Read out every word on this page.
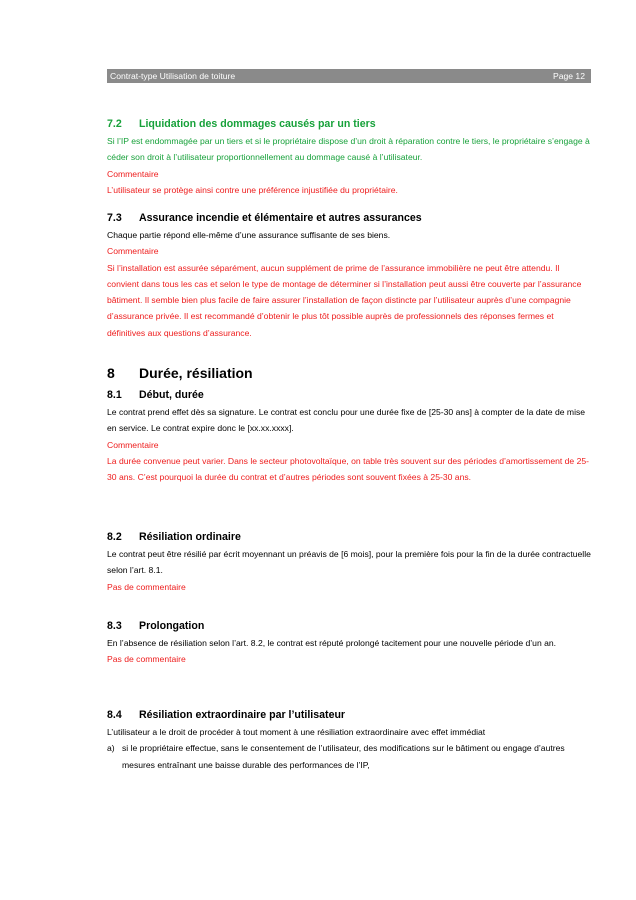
Contrat-type Utilisation de toiture	Page 12
7.2 Liquidation des dommages causés par un tiers

Si l’IP est endommagée par un tiers et si le propriétaire dispose d’un droit à réparation contre le tiers, le propriétaire s’engage à céder son droit à l’utilisateur proportionnellement au dommage causé à l’utilisateur.

Commentaire

L’utilisateur se protège ainsi contre une préférence injustifiée du propriétaire.

7.3 Assurance incendie et élémentaire et autres assurances

Chaque partie répond elle-même d’une assurance suffisante de ses biens.

Commentaire

Si l’installation est assurée séparément, aucun supplément de prime de l’assurance immobilière ne peut être attendu. Il convient dans tous les cas et selon le type de montage de déterminer si l’installation peut aussi être couverte par l’assurance bâtiment. Il semble bien plus facile de faire assurer l’installation de façon distincte par l’utilisateur auprès d’une compagnie d’assurance privée. Il est recommandé d’obtenir le plus tôt possible auprès de professionnels des réponses fermes et définitives aux questions d’assurance.

8 Durée, résiliation
8.1 Début, durée

Le contrat prend effet dès sa signature. Le contrat est conclu pour une durée fixe de [25-30 ans] à compter de la date de mise en service. Le contrat expire donc le [xx.xx.xxxx].

Commentaire

La durée convenue peut varier. Dans le secteur photovoltaïque, on table très souvent sur des périodes d’amortissement de 25-30 ans. C’est pourquoi la durée du contrat et d’autres périodes sont souvent fixées à 25-30 ans.

8.2 Résiliation ordinaire

Le contrat peut être résilié par écrit moyennant un préavis de [6 mois], pour la première fois pour la fin de la durée contractuelle selon l’art. 8.1.

Pas de commentaire

8.3 Prolongation

En l’absence de résiliation selon l’art. 8.2, le contrat est réputé prolongé tacitement pour une nouvelle période d’un an.

Pas de commentaire

8.4 Résiliation extraordinaire par l’utilisateur

L’utilisateur a le droit de procéder à tout moment à une résiliation extraordinaire avec effet immédiat

a) si le propriétaire effectue, sans le consentement de l’utilisateur, des modifications sur le bâtiment ou engage d’autres mesures entraînant une baisse durable des performances de l’IP,
